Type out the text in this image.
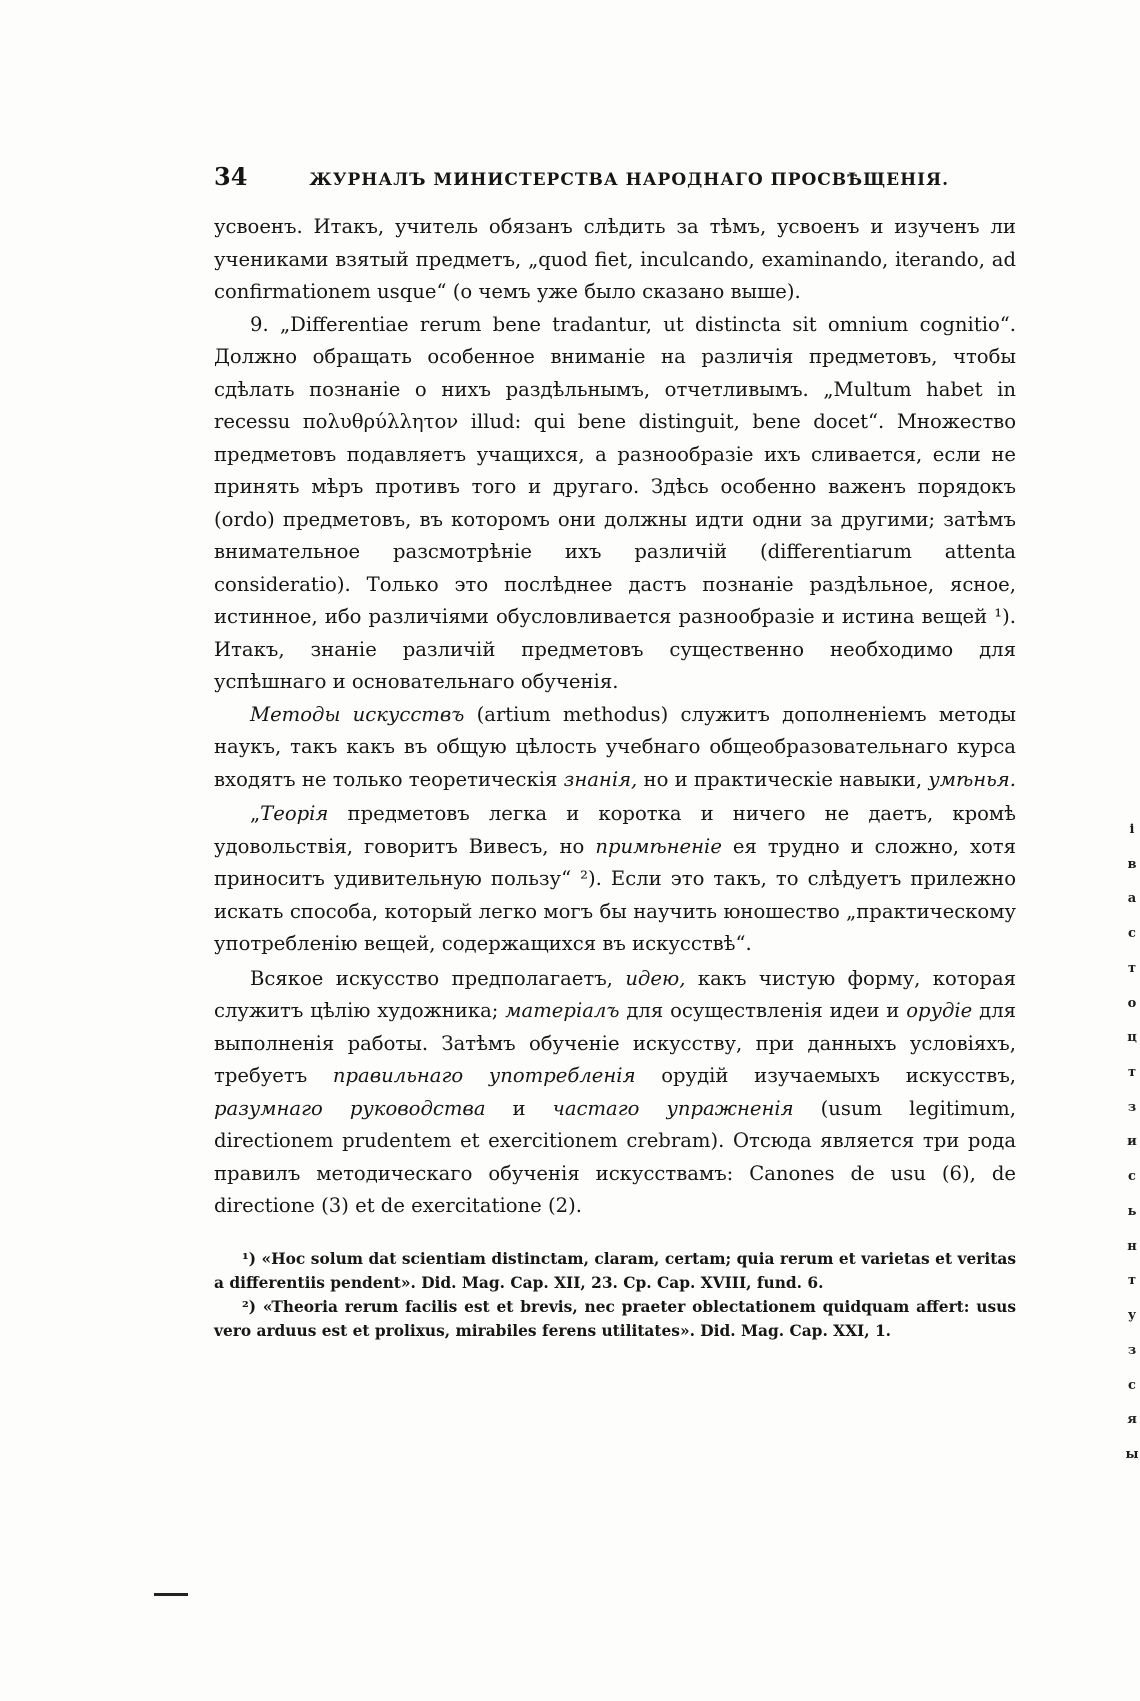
34	ЖУРНАЛЪ МИНИСТЕРСТВА НАРОДНАГО ПРОСВѢЩЕНIЯ.

усвоенъ. Итакъ, учитель обязанъ слѣдить за тѣмъ, усвоенъ и изученъ ли учениками взятый предметъ, „quod fiet, inculcando, examinando, iterando, ad confirmationem usque“ (о чемъ уже было сказано выше).

9. „Differentiae rerum bene tradantur, ut distincta sit omnium cognitio“. Должно обращать особенное вниманiе на различiя предметовъ, чтобы сдѣлать познанiе о нихъ раздѣльнымъ, отчетливымъ. „Multum habet in recessu πολυθρύλλητον illud: qui bene distinguit, bene docet“. Множество предметовъ подавляетъ учащихся, а разнообразiе ихъ сливается, если не принять мѣръ противъ того и другаго. Здѣсь особенно важенъ порядокъ (ordo) предметовъ, въ которомъ они должны идти одни за другими; затѣмъ внимательное разсмотрѣнiе ихъ различiй (differentiarum attenta consideratio). Только это послѣднее дастъ познанiе раздѣльное, ясное, истинное, ибо различiями обусловливается разнообразiе и истина вещей ¹). Итакъ, знанiе различiй предметовъ существенно необходимо для успѣшнаго и основательнаго обученiя.

Методы искусствъ (artium methodus) служитъ дополненiемъ методы наукъ, такъ какъ въ общую цѣлость учебнаго общеобразовательнаго курса входятъ не только теоретическiя знанiя, но и практическiе навыки, умѣнья.

„Теорiя предметовъ легка и коротка и ничего не даетъ, кромѣ удовольствiя, говоритъ Вивесъ, но примѣненiе ея трудно и сложно, хотя приноситъ удивительную пользу“ ²). Если это такъ, то слѣдуетъ прилежно искать способа, который легко могъ бы научить юношество „практическому употребленiю вещей, содержащихся въ искусствѣ“.

Всякое искусство предполагаетъ, идею, какъ чистую форму, которая служитъ цѣлiю художника; матерiалъ для осуществленiя идеи и орудiе для выполненiя работы. Затѣмъ обученiе искусству, при данныхъ условiяхъ, требуетъ правильнаго употребленiя орудiй изучаемыхъ искусствъ, разумнаго руководства и частаго упражненiя (usum legitimum, directionem prudentem et exercitionem crebram). Отсюда является три рода правилъ методическаго обученiя искусствамъ: Canones de usu (6), de directione (3) et de exercitatione (2).

¹) «Hoc solum dat scientiam distinctam, claram, certam; quia rerum et varietas et veritas a differentiis pendent». Did. Mag. Cap. XII, 23. Cp. Cap. XVIII, fund. 6.

²) «Theoria rerum facilis est et brevis, nec praeter oblectationem quidquam affert: usus vero arduus est et prolixus, mirabiles ferens utilitates». Did. Mag. Cap. XXI, 1.

і
в
а
с
т
о
ц
т
з
и
с
ь
н
т
у
з
с
я
ы
